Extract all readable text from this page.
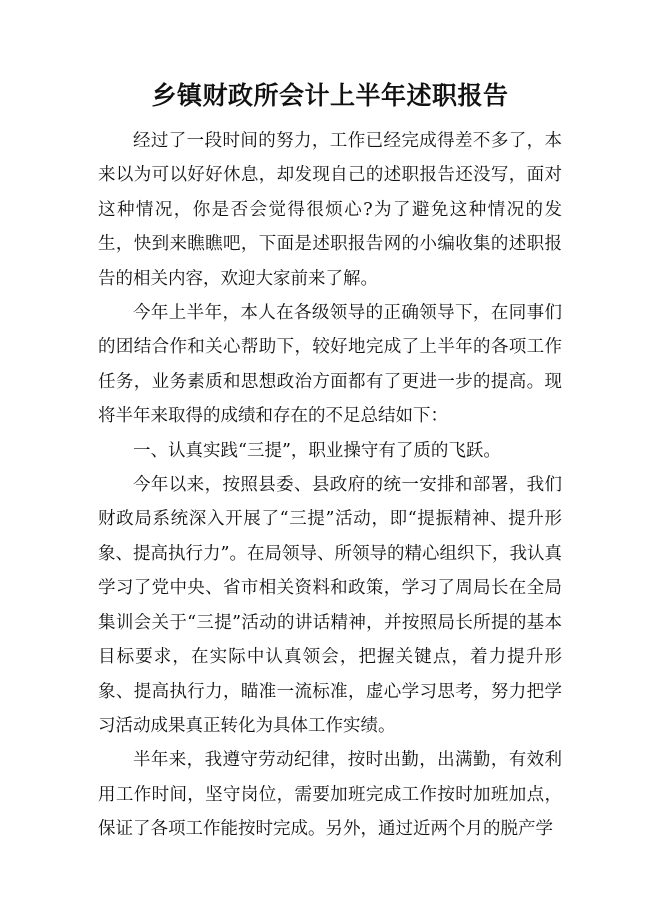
乡镇财政所会计上半年述职报告

经过了一段时间的努力，工作已经完成得差不多了，本来以为可以好好休息，却发现自己的述职报告还没写，面对这种情况，你是否会觉得很烦心?为了避免这种情况的发生，快到来瞧瞧吧，下面是述职报告网的小编收集的述职报告的相关内容，欢迎大家前来了解。

今年上半年，本人在各级领导的正确领导下，在同事们的团结合作和关心帮助下，较好地完成了上半年的各项工作任务，业务素质和思想政治方面都有了更进一步的提高。现将半年来取得的成绩和存在的不足总结如下：

一、认真实践“三提”，职业操守有了质的飞跃。

今年以来，按照县委、县政府的统一安排和部署，我们财政局系统深入开展了“三提”活动，即“提振精神、提升形象、提高执行力”。在局领导、所领导的精心组织下，我认真学习了党中央、省市相关资料和政策，学习了周局长在全局集训会关于“三提”活动的讲话精神，并按照局长所提的基本目标要求，在实际中认真领会，把握关键点，着力提升形象、提高执行力，瞄准一流标准，虚心学习思考，努力把学习活动成果真正转化为具体工作实绩。

半年来，我遵守劳动纪律，按时出勤，出满勤，有效利用工作时间，坚守岗位，需要加班完成工作按时加班加点，保证了各项工作能按时完成。另外，通过近两个月的脱产学
